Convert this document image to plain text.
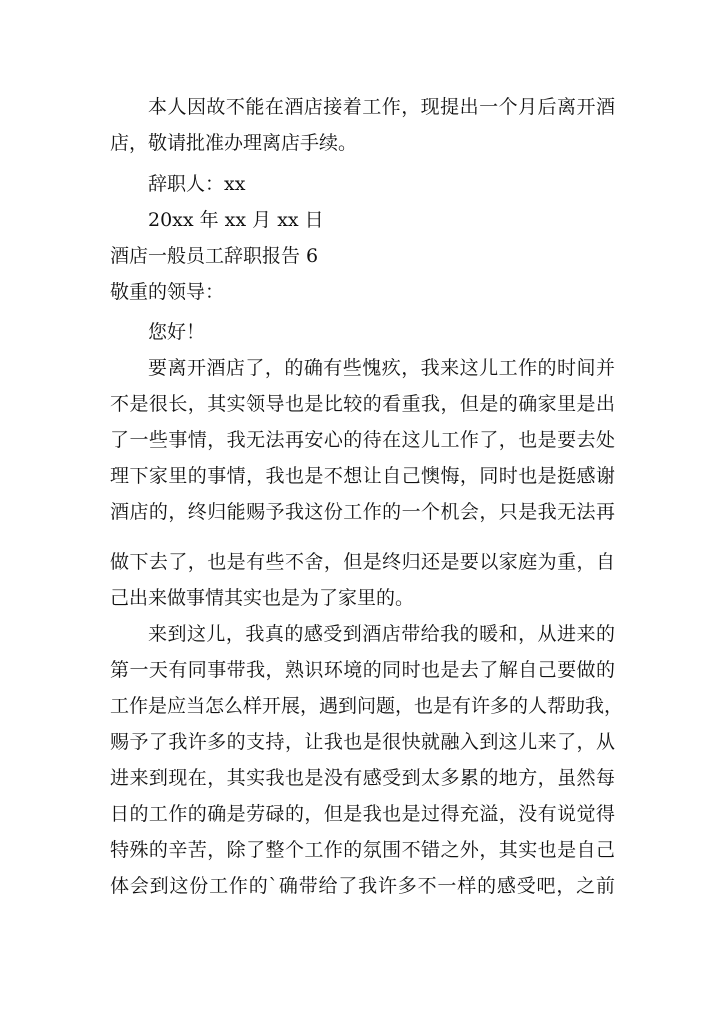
本人因故不能在酒店接着工作，现提出一个月后离开酒
店，敬请批准办理离店手续。
辞职人：xx
20xx 年 xx 月 xx 日
酒店一般员工辞职报告 6
敬重的领导：
您好！
要离开酒店了，的确有些愧疚，我来这儿工作的时间并
不是很长，其实领导也是比较的看重我，但是的确家里是出
了一些事情，我无法再安心的待在这儿工作了，也是要去处
理下家里的事情，我也是不想让自己懊悔，同时也是挺感谢
酒店的，终归能赐予我这份工作的一个机会，只是我无法再
做下去了，也是有些不舍，但是终归还是要以家庭为重，自
己出来做事情其实也是为了家里的。
来到这儿，我真的感受到酒店带给我的暖和，从进来的
第一天有同事带我，熟识环境的同时也是去了解自己要做的
工作是应当怎么样开展，遇到问题，也是有许多的人帮助我，
赐予了我许多的支持，让我也是很快就融入到这儿来了，从
进来到现在，其实我也是没有感受到太多累的地方，虽然每
日的工作的确是劳碌的，但是我也是过得充溢，没有说觉得
特殊的辛苦，除了整个工作的氛围不错之外，其实也是自己
体会到这份工作的`确带给了我许多不一样的感受吧，之前
